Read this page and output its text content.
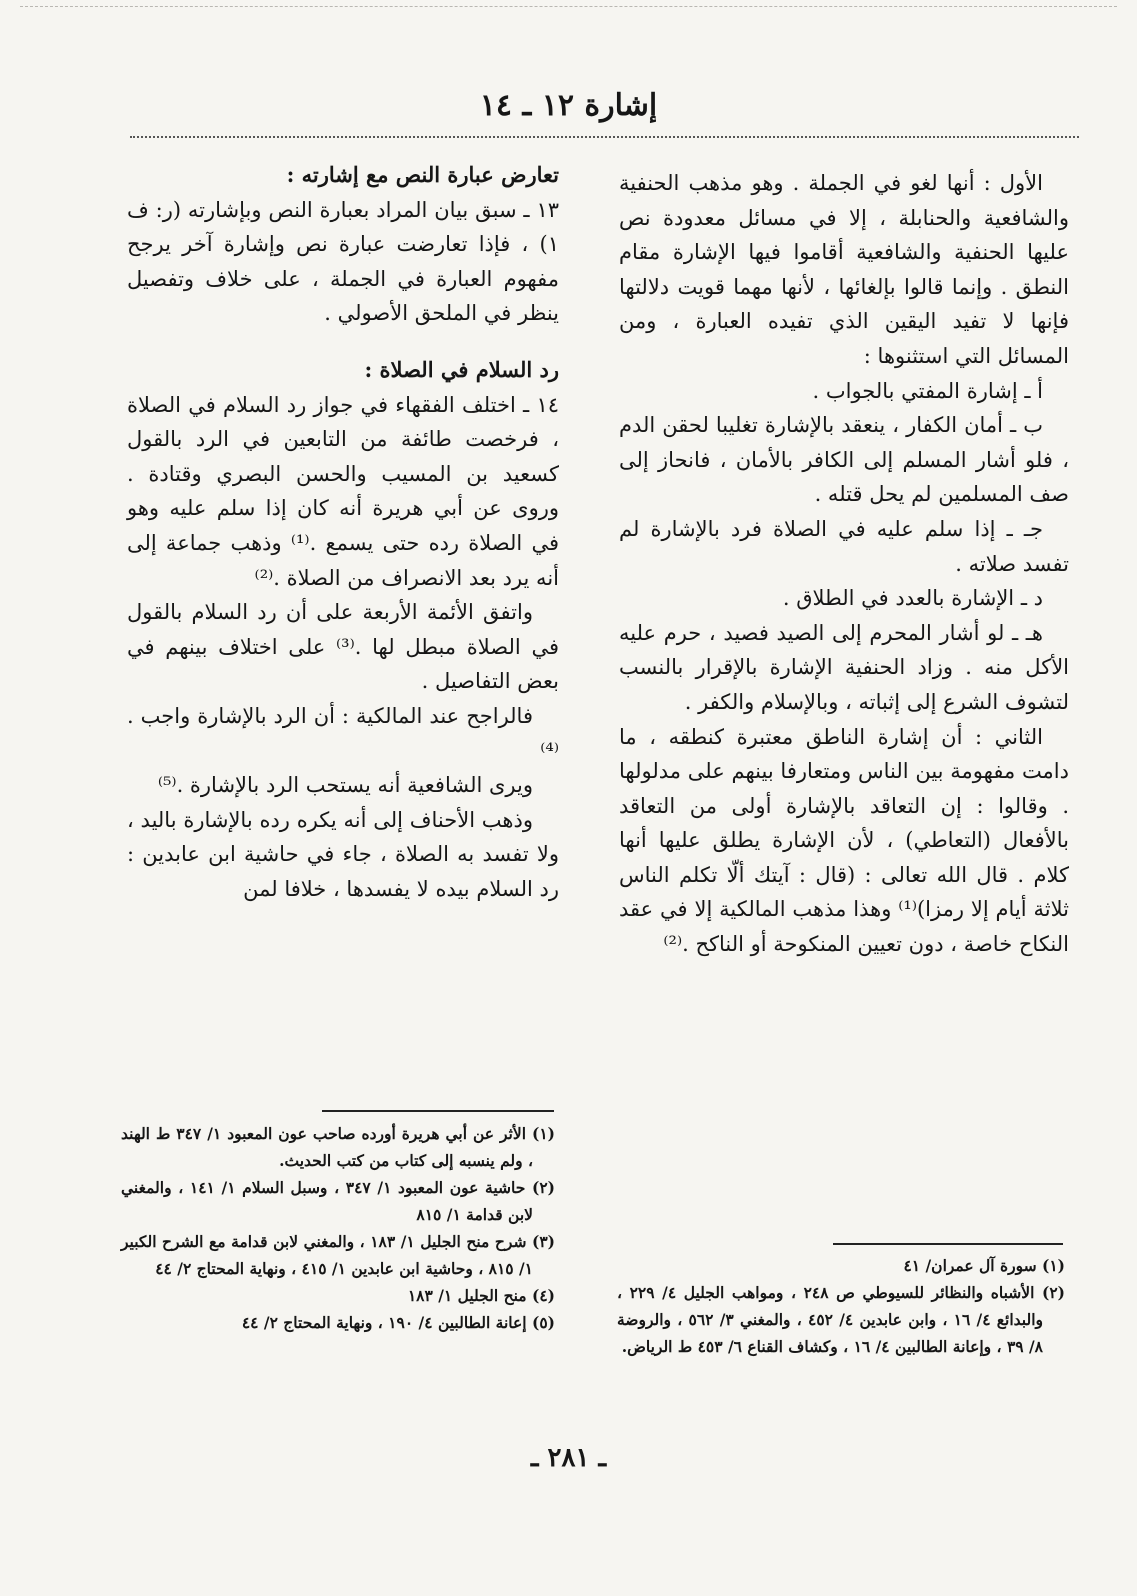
إشارة ١٢ ـ ١٤

الأول : أنها لغو في الجملة . وهو مذهب الحنفية والشافعية والحنابلة ، إلا في مسائل معدودة نص عليها الحنفية والشافعية أقاموا فيها الإشارة مقام النطق . وإنما قالوا بإلغائها ، لأنها مهما قويت دلالتها فإنها لا تفيد اليقين الذي تفيده العبارة ، ومن المسائل التي استثنوها :

أ ـ إشارة المفتي بالجواب .

ب ـ أمان الكفار ، ينعقد بالإشارة تغليبا لحقن الدم ، فلو أشار المسلم إلى الكافر بالأمان ، فانحاز إلى صف المسلمين لم يحل قتله .

جـ ـ إذا سلم عليه في الصلاة فرد بالإشارة لم تفسد صلاته .

د ـ الإشارة بالعدد في الطلاق .

هـ ـ لو أشار المحرم إلى الصيد فصيد ، حرم عليه الأكل منه . وزاد الحنفية الإشارة بالإقرار بالنسب لتشوف الشرع إلى إثباته ، وبالإسلام والكفر .

الثاني : أن إشارة الناطق معتبرة كنطقه ، ما دامت مفهومة بين الناس ومتعارفا بينهم على مدلولها . وقالوا : إن التعاقد بالإشارة أولى من التعاقد بالأفعال (التعاطي) ، لأن الإشارة يطلق عليها أنها كلام . قال الله تعالى : (قال : آيتك ألّا تكلم الناس ثلاثة أيام إلا رمزا)⁽¹⁾ وهذا مذهب المالكية إلا في عقد النكاح خاصة ، دون تعيين المنكوحة أو الناكح .⁽²⁾

تعارض عبارة النص مع إشارته :

١٣ ـ سبق بيان المراد بعبارة النص وبإشارته (ر: ف ١) ، فإذا تعارضت عبارة نص وإشارة آخر يرجح مفهوم العبارة في الجملة ، على خلاف وتفصيل ينظر في الملحق الأصولي .

رد السلام في الصلاة :

١٤ ـ اختلف الفقهاء في جواز رد السلام في الصلاة ، فرخصت طائفة من التابعين في الرد بالقول كسعيد بن المسيب والحسن البصري وقتادة . وروى عن أبي هريرة أنه كان إذا سلم عليه وهو في الصلاة رده حتى يسمع .⁽¹⁾ وذهب جماعة إلى أنه يرد بعد الانصراف من الصلاة .⁽²⁾

واتفق الأئمة الأربعة على أن رد السلام بالقول في الصلاة مبطل لها .⁽³⁾ على اختلاف بينهم في بعض التفاصيل .

فالراجح عند المالكية : أن الرد بالإشارة واجب .⁽⁴⁾

ويرى الشافعية أنه يستحب الرد بالإشارة .⁽⁵⁾

وذهب الأحناف إلى أنه يكره رده بالإشارة باليد ، ولا تفسد به الصلاة ، جاء في حاشية ابن عابدين : رد السلام بيده لا يفسدها ، خلافا لمن

(١) سورة آل عمران/ ٤١

(٢) الأشباه والنظائر للسيوطي ص ٢٤٨ ، ومواهب الجليل ٤/ ٢٢٩ ، والبدائع ٤/ ١٦ ، وابن عابدين ٤/ ٤٥٢ ، والمغني ٣/ ٥٦٢ ، والروضة ٨/ ٣٩ ، وإعانة الطالبين ٤/ ١٦ ، وكشاف القناع ٦/ ٤٥٣ ط الرياض.

(١) الأثر عن أبي هريرة أورده صاحب عون المعبود ١/ ٣٤٧ ط الهند ، ولم ينسبه إلى كتاب من كتب الحديث.

(٢) حاشية عون المعبود ١/ ٣٤٧ ، وسبل السلام ١/ ١٤١ ، والمغني لابن قدامة ١/ ٨١٥

(٣) شرح منح الجليل ١/ ١٨٣ ، والمغني لابن قدامة مع الشرح الكبير ١/ ٨١٥ ، وحاشية ابن عابدين ١/ ٤١٥ ، ونهاية المحتاج ٢/ ٤٤

(٤) منح الجليل ١/ ١٨٣

(٥) إعانة الطالبين ٤/ ١٩٠ ، ونهاية المحتاج ٢/ ٤٤

ـ ٢٨١ ـ
